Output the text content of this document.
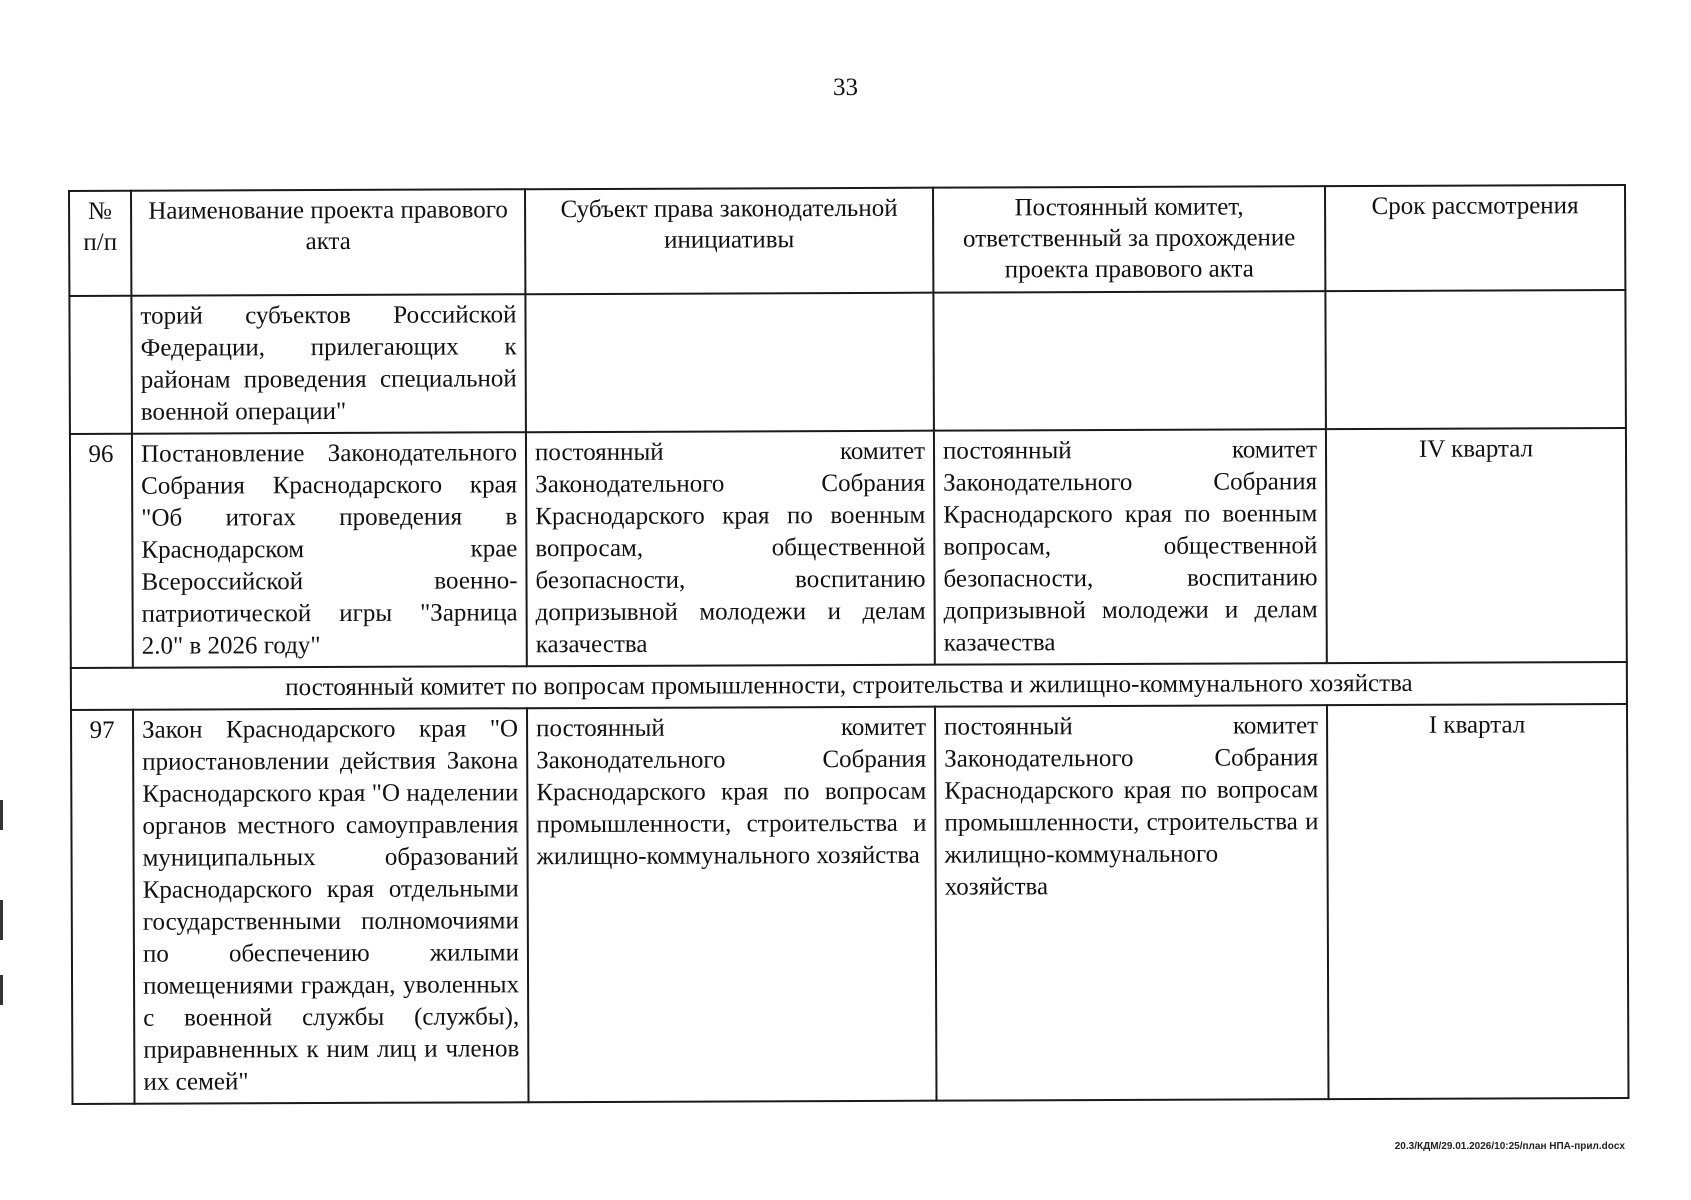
33
№ п/п	Наименование проекта правового акта	Субъект права законодательной инициативы	Постоянный комитет, ответственный за прохождение проекта правового акта	Срок рассмотрения
	торий субъектов Российской Федерации, прилегающих к районам проведения специальной военной операции"			
96	Постановление Законодательного Собрания Краснодарского края "Об итогах проведения в Краснодарском крае Всероссийской военно-патриотической игры "Зарница 2.0" в 2026 году"	постоянный комитет Законодательного Собрания Краснодарского края по военным вопросам, общественной безопасности, воспитанию допризывной молодежи и делам казачества	постоянный комитет Законодательного Собрания Краснодарского края по военным вопросам, общественной безопасности, воспитанию допризывной молодежи и делам казачества	IV квартал
постоянный комитет по вопросам промышленности, строительства и жилищно-коммунального хозяйства				
97	Закон Краснодарского края "О приостановлении действия Закона Краснодарского края "О наделении органов местного самоуправления муниципальных образований Краснодарского края отдельными государственными полномочиями по обеспечению жилыми помещениями граждан, уволенных с военной службы (службы), приравненных к ним лиц и членов их семей"	постоянный комитет Законодательного Собрания Краснодарского края по вопросам промышленности, строительства и жилищно-коммунального хозяйства	постоянный комитет Законодательного Собрания Краснодарского края по вопросам промышленности, строительства и жилищно-коммунального хозяйства	I квартал
20.3/КДМ/29.01.2026/10:25/план НПА-прил.docx
